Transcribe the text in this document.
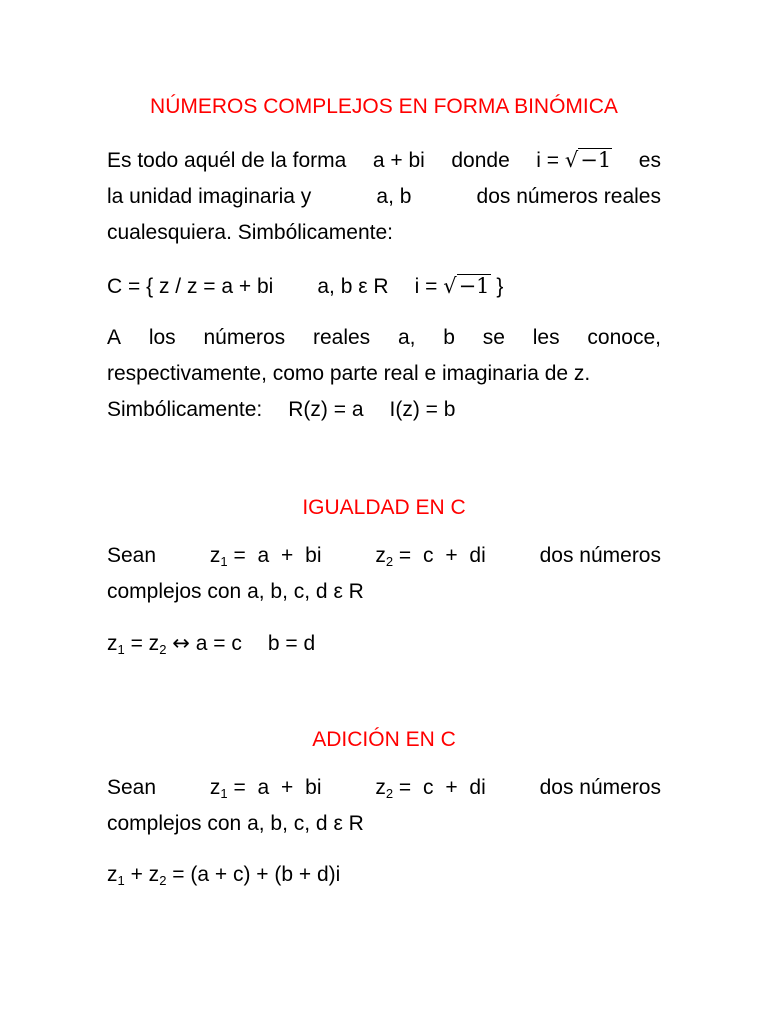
NÚMEROS COMPLEJOS EN FORMA BINÓMICA
Es todo aquél de la forma a + bi donde i = √−1 es
la unidad imaginaria y	a, b	dos números reales
cualesquiera. Simbólicamente:
C = { z / z = a + bi a, b ε R i = √−1 }
A los números reales a, b se les conoce,
respectivamente, como parte real e imaginaria de z.
Simbólicamente: R(z) = a I(z) = b
IGUALDAD EN C
Sean	$z_1 = a$ + bi	$z_2 = c$ + di	dos números
complejos con a, b, c, d ε R
$z_1 = z_2$ ↔ a = c b = d
ADICIÓN EN C
Sean	$z_1 = a$ + bi	$z_2 = c$ + di	dos números
complejos con a, b, c, d ε R
$z_1 + z_2 = (a + c) + (b + d)i$
